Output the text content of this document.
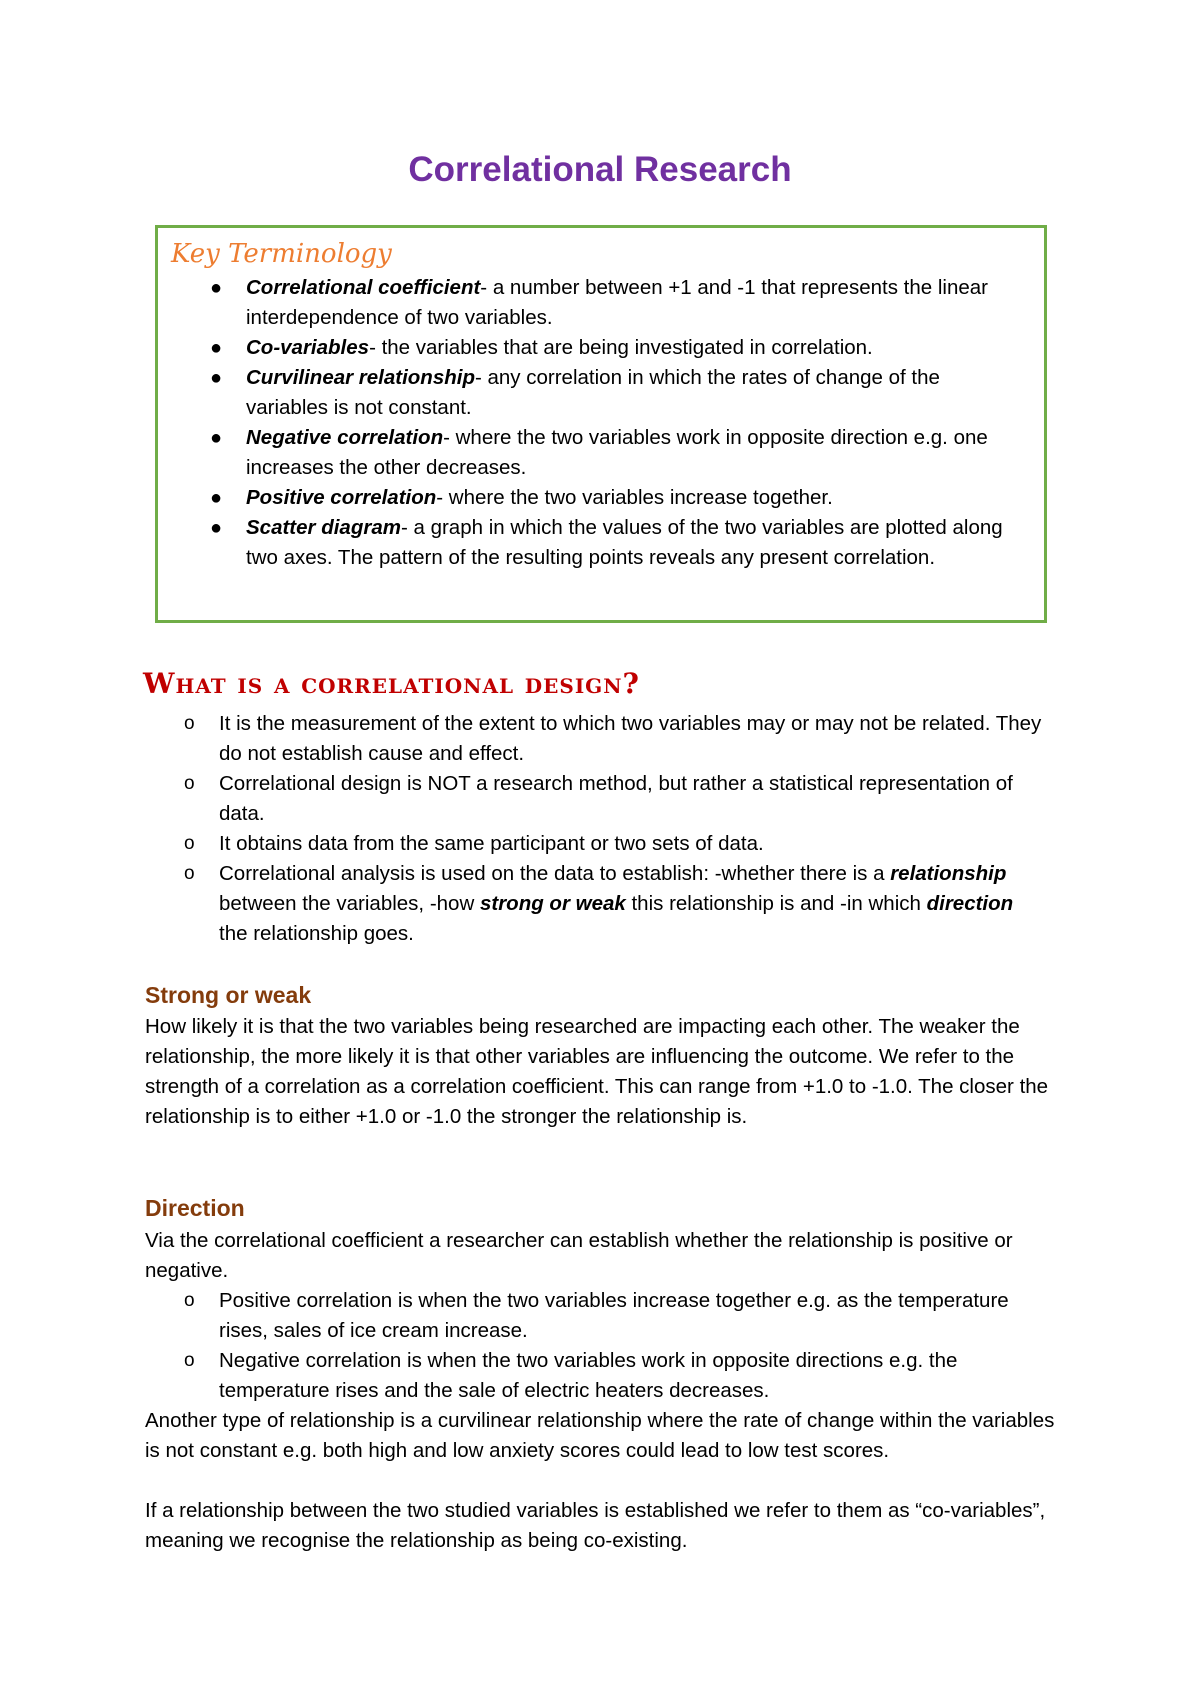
Correlational Research
Key Terminology
● Correlational coefficient- a number between +1 and -1 that represents the linear interdependence of two variables.
● Co-variables- the variables that are being investigated in correlation.
● Curvilinear relationship- any correlation in which the rates of change of the variables is not constant.
● Negative correlation- where the two variables work in opposite direction e.g. one increases the other decreases.
● Positive correlation- where the two variables increase together.
● Scatter diagram- a graph in which the values of the two variables are plotted along two axes. The pattern of the resulting points reveals any present correlation.
What is a correlational design?
o It is the measurement of the extent to which two variables may or may not be related. They do not establish cause and effect.
o Correlational design is NOT a research method, but rather a statistical representation of data.
o It obtains data from the same participant or two sets of data.
o Correlational analysis is used on the data to establish: -whether there is a relationship between the variables, -how strong or weak this relationship is and -in which direction the relationship goes.
Strong or weak

How likely it is that the two variables being researched are impacting each other. The weaker the relationship, the more likely it is that other variables are influencing the outcome. We refer to the strength of a correlation as a correlation coefficient. This can range from +1.0 to -1.0. The closer the relationship is to either +1.0 or -1.0 the stronger the relationship is.

Direction

Via the correlational coefficient a researcher can establish whether the relationship is positive or negative.

o Positive correlation is when the two variables increase together e.g. as the temperature rises, sales of ice cream increase.
o Negative correlation is when the two variables work in opposite directions e.g. the temperature rises and the sale of electric heaters decreases.

Another type of relationship is a curvilinear relationship where the rate of change within the variables is not constant e.g. both high and low anxiety scores could lead to low test scores.

If a relationship between the two studied variables is established we refer to them as “co-variables”, meaning we recognise the relationship as being co-existing.
